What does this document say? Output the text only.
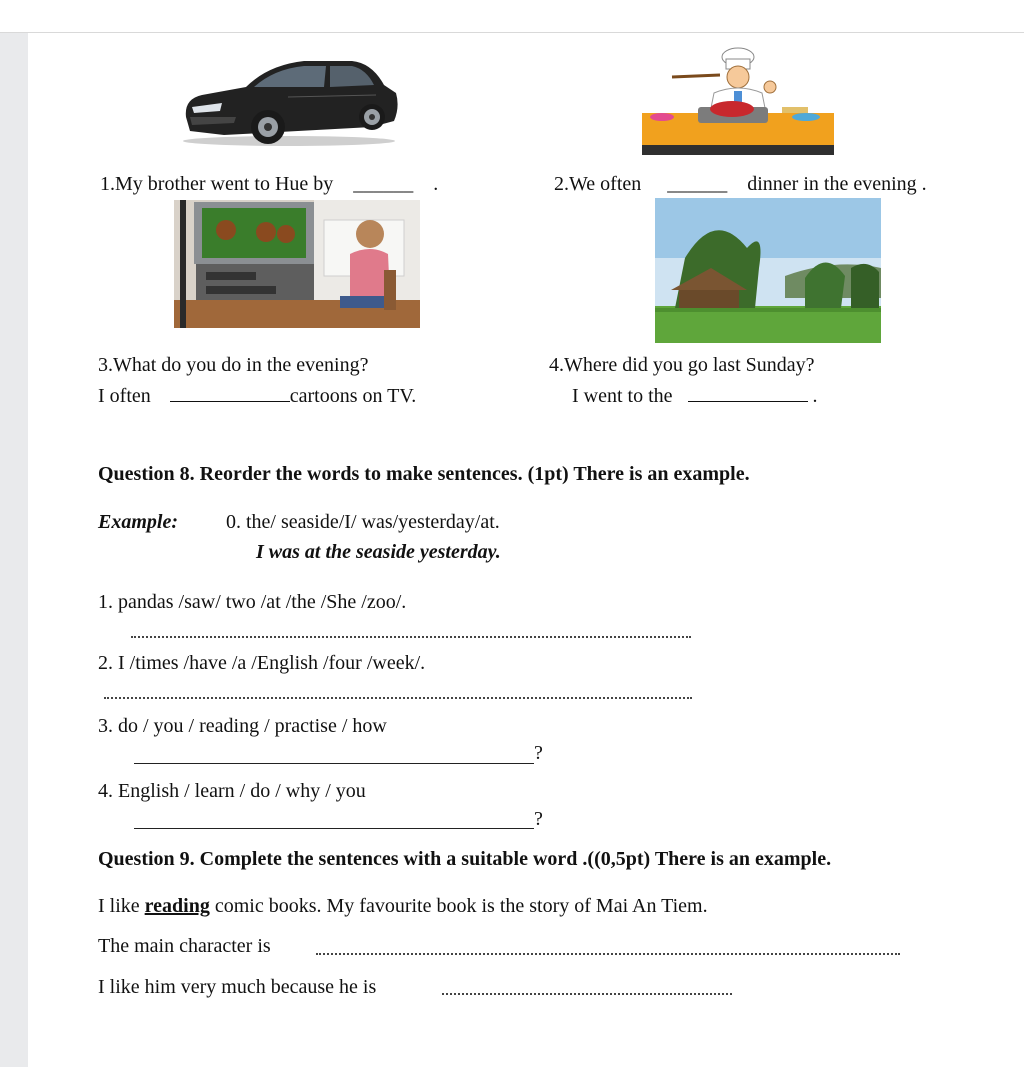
1.My brother went to Hue by ______ .	2.We often ______ dinner in the evening .
3.What do you do in the evening?
I often	cartoons on TV.
4.Where did you go last Sunday?
I went to the	.
Question 8. Reorder the words to make sentences. (1pt) There is an example.
Example: 0. the/ seaside/I/ was/yesterday/at.
I was at the seaside yesterday.
1. pandas /saw/ two /at /the /She /zoo/.
2. I /times /have /a /English /four /week/.
3. do / you / reading / practise / how
?
4. English / learn / do / why / you
?
Question 9. Complete the sentences with a suitable word .((0,5pt) There is an example.
I like reading comic books. My favourite book is the story of Mai An Tiem.
The main character is
I like him very much because he is
